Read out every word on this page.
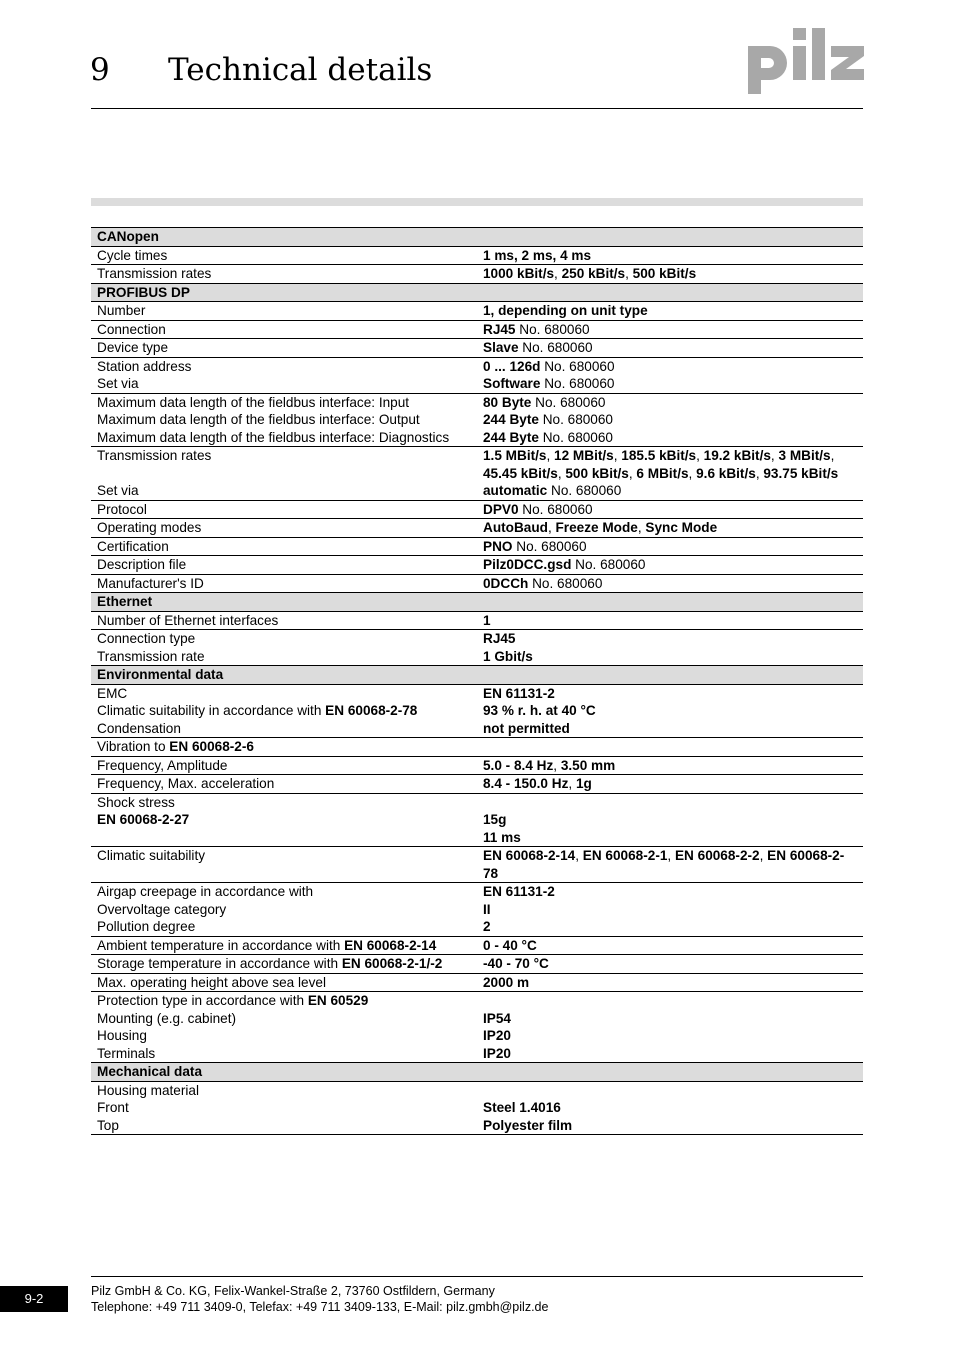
9 Technical details
CANopen	
Cycle times	1 ms, 2 ms, 4 ms
Transmission rates	1000 kBit/s, 250 kBit/s, 500 kBit/s
PROFIBUS DP	
Number	1, depending on unit type
Connection	RJ45 No. 680060
Device type	Slave No. 680060
Station address	0 ... 126d No. 680060
Set via	Software No. 680060
Maximum data length of the fieldbus interface: Input	80 Byte No. 680060
Maximum data length of the fieldbus interface: Output	244 Byte No. 680060
Maximum data length of the fieldbus interface: Diagnostics	244 Byte No. 680060
Transmission rates	1.5 MBit/s, 12 MBit/s, 185.5 kBit/s, 19.2 kBit/s, 3 MBit/s, 45.45 kBit/s, 500 kBit/s, 6 MBit/s, 9.6 kBit/s, 93.75 kBit/s
Set via	automatic No. 680060
Protocol	DPV0 No. 680060
Operating modes	AutoBaud, Freeze Mode, Sync Mode
Certification	PNO No. 680060
Description file	Pilz0DCC.gsd No. 680060
Manufacturer's ID	0DCCh No. 680060
Ethernet	
Number of Ethernet interfaces	1
Connection type	RJ45
Transmission rate	1 Gbit/s
Environmental data	
EMC	EN 61131-2
Climatic suitability in accordance with EN 60068-2-78	93 % r. h. at 40 °C
Condensation	not permitted
Vibration to EN 60068-2-6	
Frequency, Amplitude	5.0 - 8.4 Hz, 3.50 mm
Frequency, Max. acceleration	8.4 - 150.0 Hz, 1g
Shock stress	
EN 60068-2-27	15g
	11 ms
Climatic suitability	EN 60068-2-14, EN 60068-2-1, EN 60068-2-2, EN 60068-2-78
Airgap creepage in accordance with	EN 61131-2
Overvoltage category	II
Pollution degree	2
Ambient temperature in accordance with EN 60068-2-14	0 - 40 °C
Storage temperature in accordance with EN 60068-2-1/-2	-40 - 70 °C
Max. operating height above sea level	2000 m
Protection type in accordance with EN 60529	
Mounting (e.g. cabinet)	IP54
Housing	IP20
Terminals	IP20
Mechanical data	
Housing material	
Front	Steel 1.4016
Top	Polyester film
9-2	Pilz GmbH & Co. KG, Felix-Wankel-Straße 2, 73760 Ostfildern, Germany
Telephone: +49 711 3409-0, Telefax: +49 711 3409-133, E-Mail: pilz.gmbh@pilz.de
